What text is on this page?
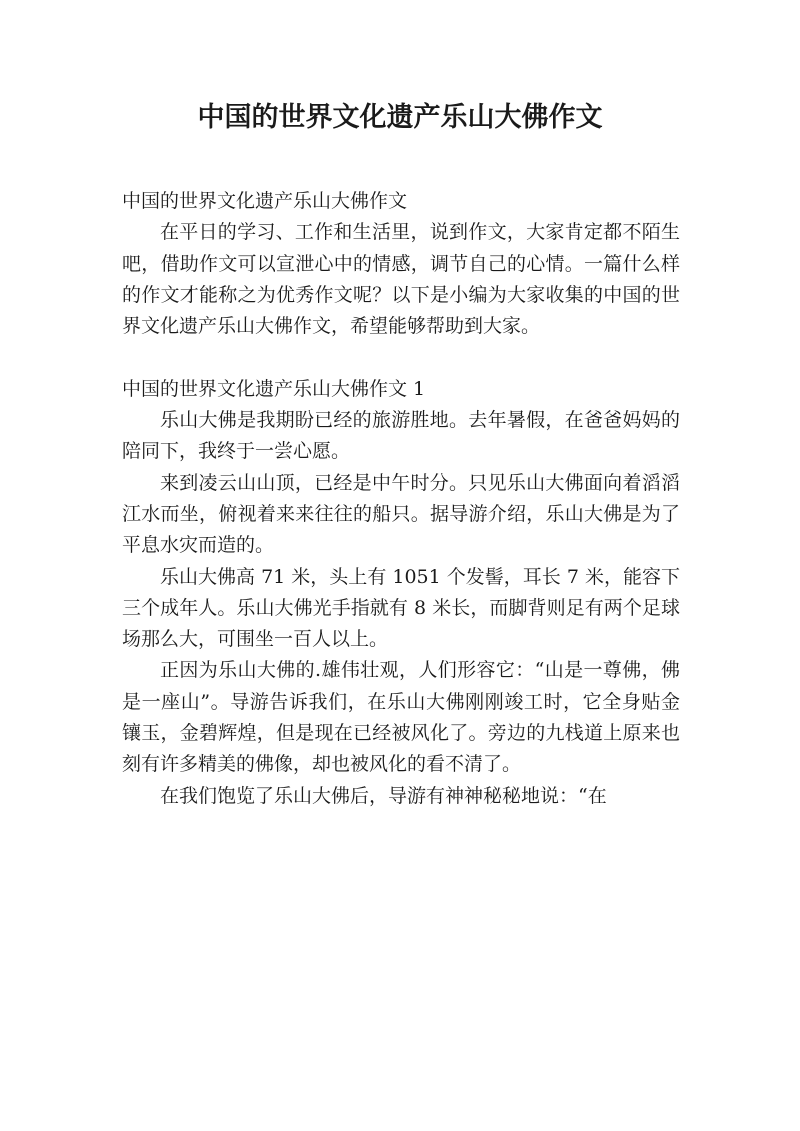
中国的世界文化遗产乐山大佛作文

中国的世界文化遗产乐山大佛作文

在平日的学习、工作和生活里，说到作文，大家肯定都不陌生吧，借助作文可以宣泄心中的情感，调节自己的心情。一篇什么样的作文才能称之为优秀作文呢？以下是小编为大家收集的中国的世界文化遗产乐山大佛作文，希望能够帮助到大家。

中国的世界文化遗产乐山大佛作文 1

乐山大佛是我期盼已经的旅游胜地。去年暑假，在爸爸妈妈的陪同下，我终于一尝心愿。

来到凌云山山顶，已经是中午时分。只见乐山大佛面向着滔滔江水而坐，俯视着来来往往的船只。据导游介绍，乐山大佛是为了平息水灾而造的。

乐山大佛高 71 米，头上有 1051 个发髻，耳长 7 米，能容下三个成年人。乐山大佛光手指就有 8 米长，而脚背则足有两个足球场那么大，可围坐一百人以上。

正因为乐山大佛的.雄伟壮观，人们形容它：“山是一尊佛，佛是一座山”。导游告诉我们，在乐山大佛刚刚竣工时，它全身贴金镶玉，金碧辉煌，但是现在已经被风化了。旁边的九栈道上原来也刻有许多精美的佛像，却也被风化的看不清了。

在我们饱览了乐山大佛后，导游有神神秘秘地说：“在
